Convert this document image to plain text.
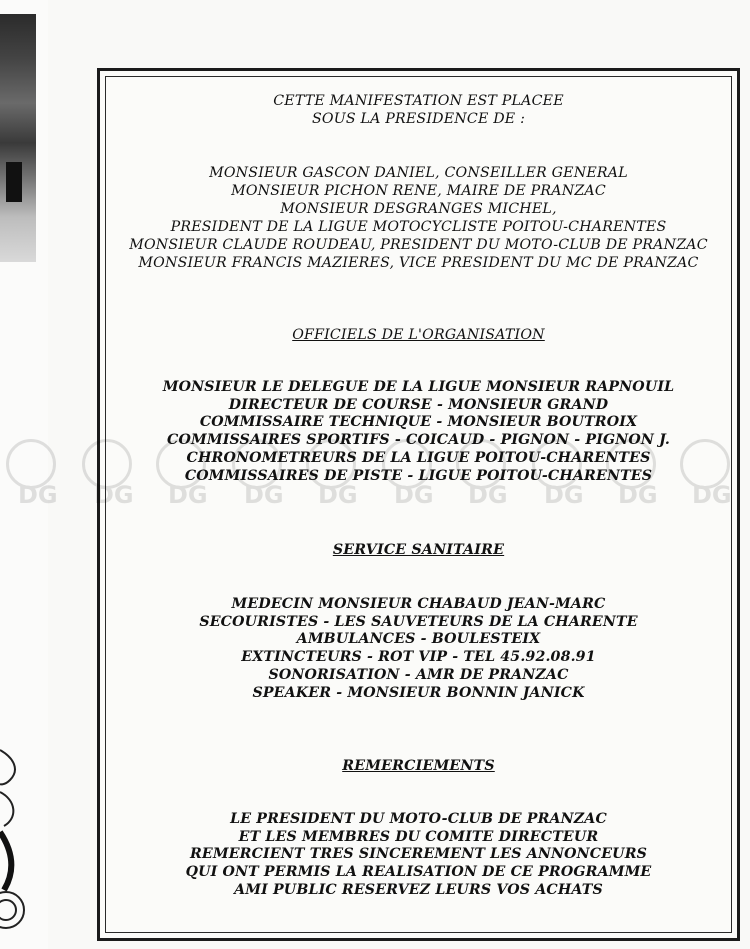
DG DG DG DG DG DG DG DG DG DG
CETTE MANIFESTATION EST PLACEE
SOUS LA PRESIDENCE DE :
MONSIEUR GASCON DANIEL, CONSEILLER GENERAL
MONSIEUR PICHON RENE, MAIRE DE PRANZAC
MONSIEUR DESGRANGES MICHEL,
PRESIDENT DE LA LIGUE MOTOCYCLISTE POITOU-CHARENTES
MONSIEUR CLAUDE ROUDEAU, PRESIDENT DU MOTO-CLUB DE PRANZAC
MONSIEUR FRANCIS MAZIERES, VICE PRESIDENT DU MC DE PRANZAC
OFFICIELS DE L'ORGANISATION
MONSIEUR LE DELEGUE DE LA LIGUE MONSIEUR RAPNOUIL
DIRECTEUR DE COURSE - MONSIEUR GRAND
COMMISSAIRE TECHNIQUE - MONSIEUR BOUTROIX
COMMISSAIRES SPORTIFS - COICAUD - PIGNON - PIGNON J.
CHRONOMETREURS DE LA LIGUE POITOU-CHARENTES
COMMISSAIRES DE PISTE - LIGUE POITOU-CHARENTES
SERVICE SANITAIRE
MEDECIN MONSIEUR CHABAUD JEAN-MARC
SECOURISTES - LES SAUVETEURS DE LA CHARENTE
AMBULANCES - BOULESTEIX
EXTINCTEURS - ROT VIP - TEL 45.92.08.91
SONORISATION - AMR DE PRANZAC
SPEAKER - MONSIEUR BONNIN JANICK
REMERCIEMENTS
LE PRESIDENT DU MOTO-CLUB DE PRANZAC
ET LES MEMBRES DU COMITE DIRECTEUR
REMERCIENT TRES SINCEREMENT LES ANNONCEURS
QUI ONT PERMIS LA REALISATION DE CE PROGRAMME
AMI PUBLIC RESERVEZ LEURS VOS ACHATS
